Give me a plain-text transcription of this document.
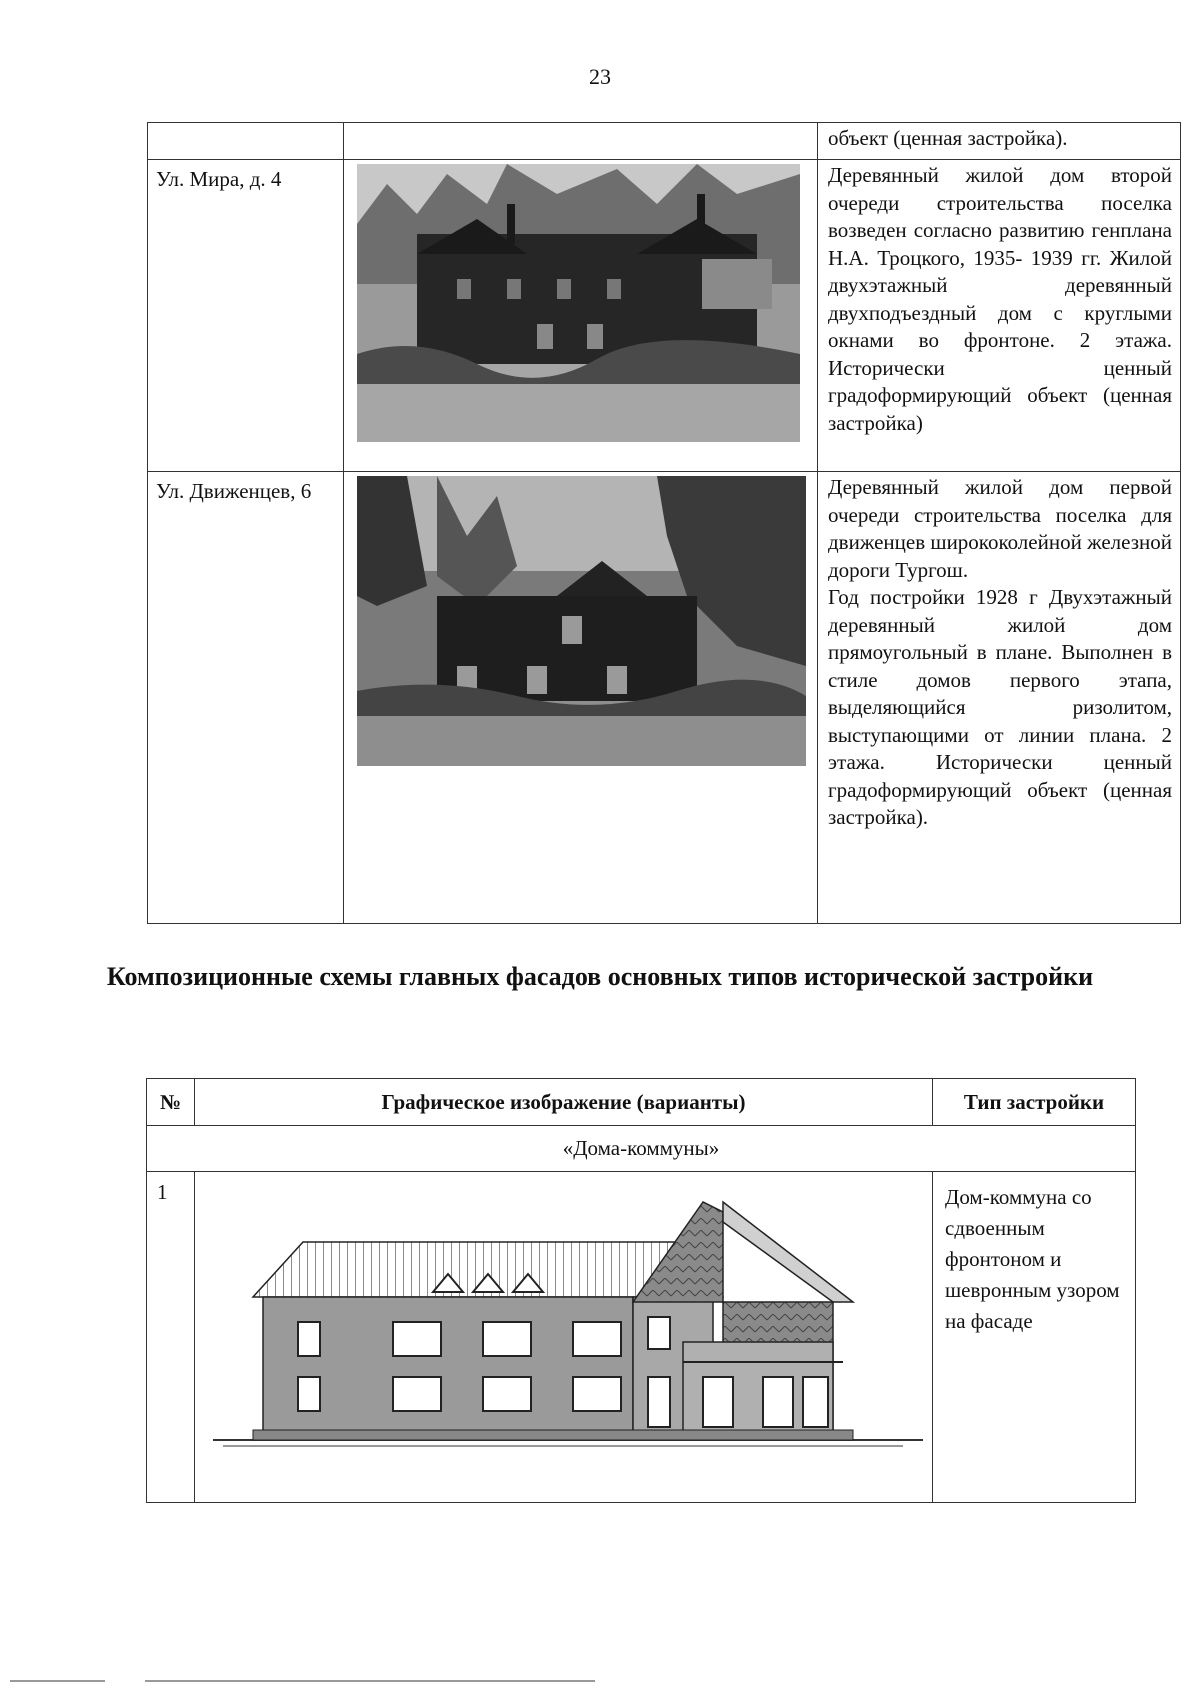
23
		объект (ценная застройка).
Ул. Мира, д. 4		Деревянный жилой дом второй очереди строительства поселка возведен согласно развитию генплана Н.А. Троцкого, 1935- 1939 гг. Жилой двухэтажный деревянный двухподъездный дом с круглыми окнами во фронтоне. 2 этажа. Исторически ценный градоформирующий объект (ценная застройка)
Ул. Движенцев, 6		Деревянный жилой дом первой очереди строительства поселка для движенцев ширококолейной железной дороги Тургош.
Год постройки 1928 г Двухэтажный деревянный жилой дом прямоугольный в плане. Выполнен в стиле домов первого этапа, выделяющийся ризолитом, выступающими от линии плана. 2 этажа. Исторически ценный градоформирующий объект (ценная застройка).
Композиционные схемы главных фасадов основных типов исторической застройки
№	Графическое изображение (варианты)	Тип застройки
«Дома-коммуны»		
1		Дом-коммуна со сдвоенным фронтоном и шевронным узором на фасаде
